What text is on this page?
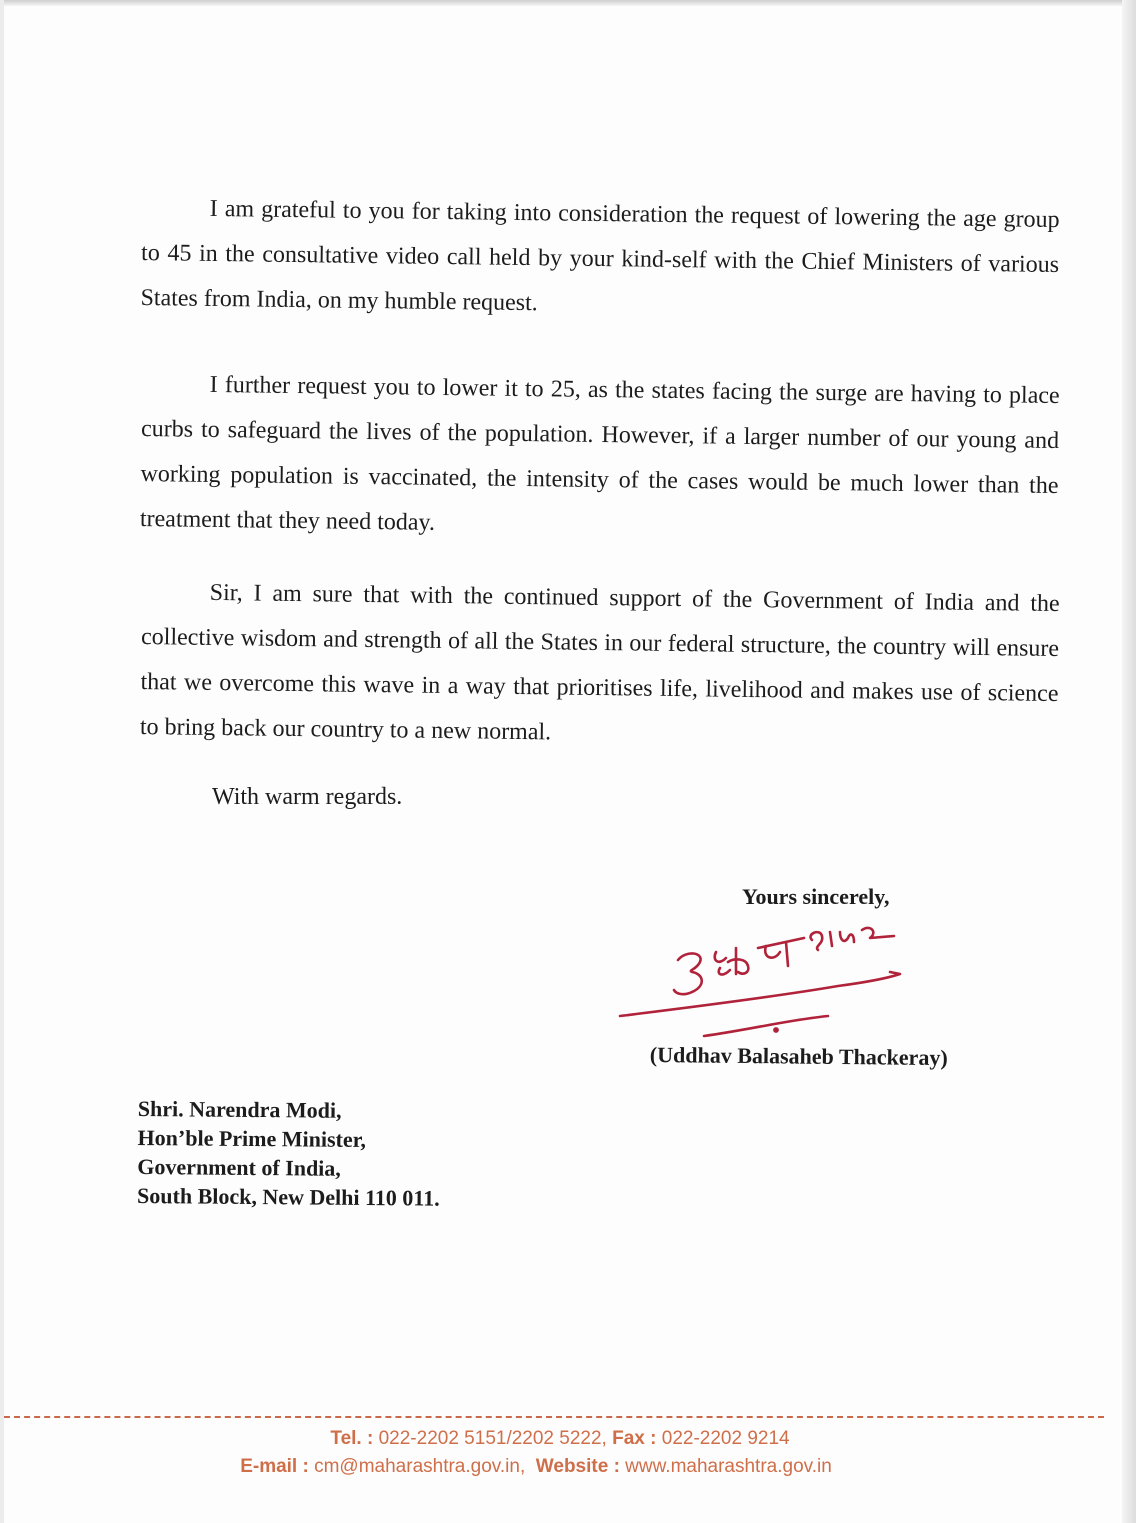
I am grateful to you for taking into consideration the request of lowering the age group to 45 in the consultative video call held by your kind-self with the Chief Ministers of various States from India, on my humble request.

I further request you to lower it to 25, as the states facing the surge are having to place curbs to safeguard the lives of the population. However, if a larger number of our young and working population is vaccinated, the intensity of the cases would be much lower than the treatment that they need today.

Sir, I am sure that with the continued support of the Government of India and the collective wisdom and strength of all the States in our federal structure, the country will ensure that we overcome this wave in a way that prioritises life, livelihood and makes use of science to bring back our country to a new normal.

With warm regards.

Yours sincerely,

(Uddhav Balasaheb Thackeray)

Shri. Narendra Modi,
Hon’ble Prime Minister,
Government of India,
South Block, New Delhi 110 011.

Tel. : 022-2202 5151/2202 5222, Fax : 022-2202 9214

E-mail : cm@maharashtra.gov.in, Website : www.maharashtra.gov.in
